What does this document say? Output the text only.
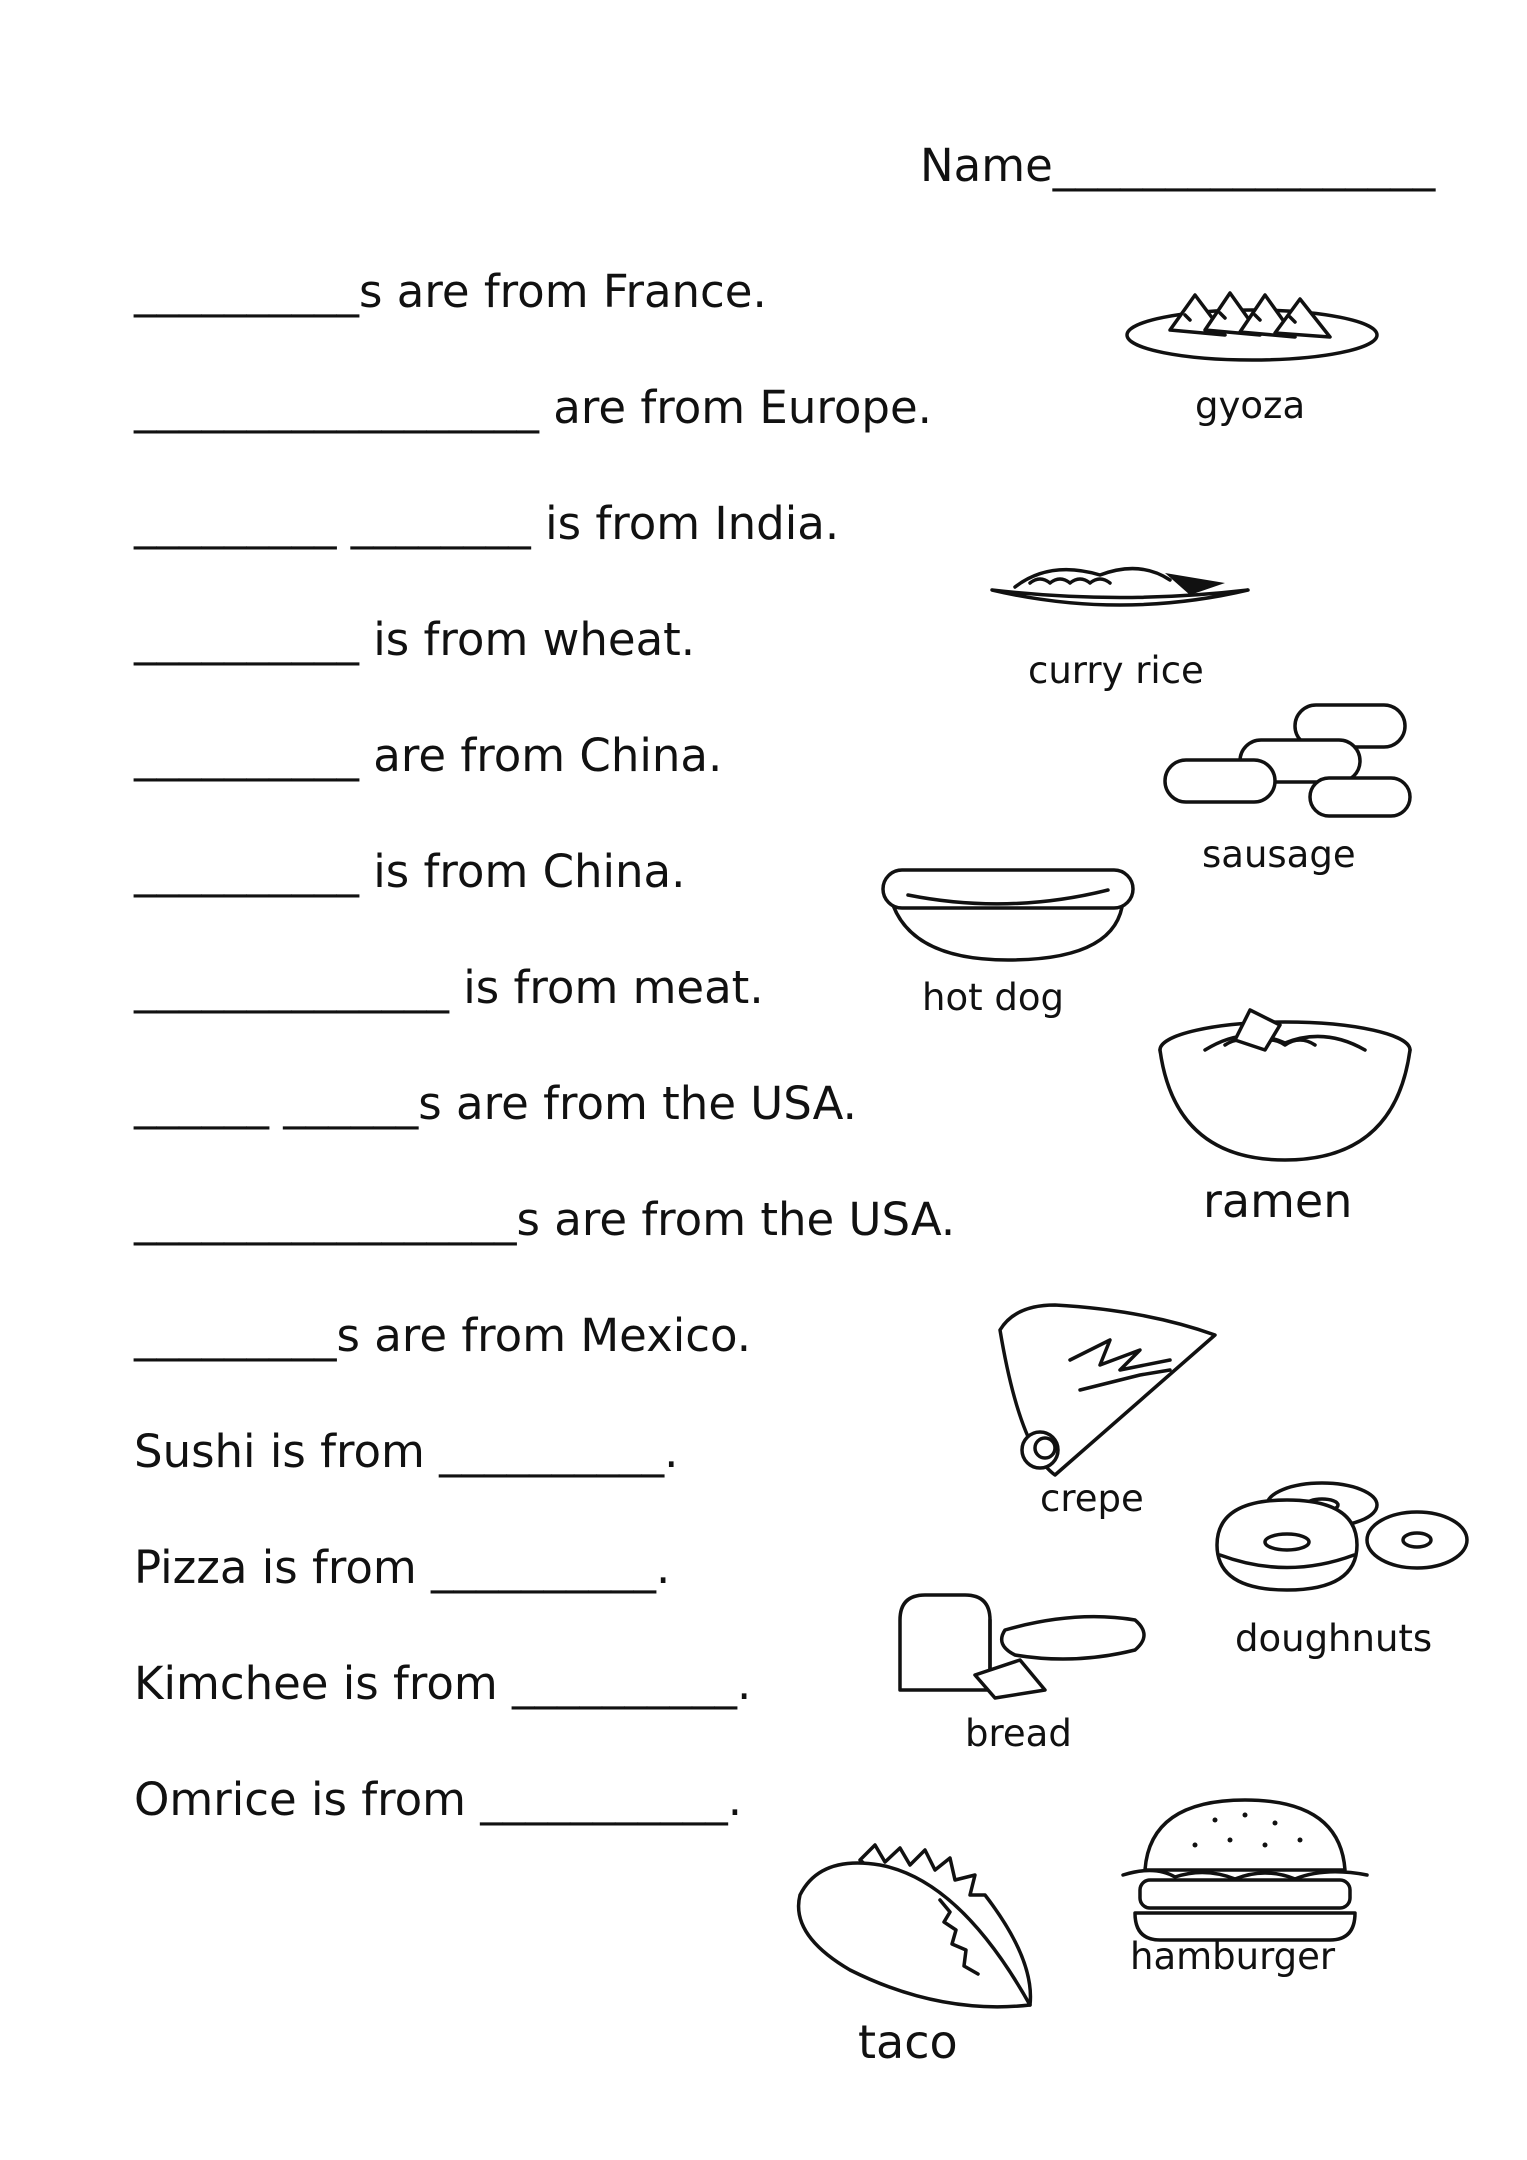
Name_________________
__________s are from France.
__________________ are from Europe.
_________ ________ is from India.
__________ is from wheat.
__________ are from China.
__________ is from China.
______________ is from meat.
______ ______s are from the USA.
_________________s are from the USA.
_________s are from Mexico.
Sushi is from __________.
Pizza is from __________.
Kimchee is from __________.
Omrice is from ___________.
gyoza
curry rice
sausage
hot dog
ramen
crepe
doughnuts
bread
taco
hamburger
